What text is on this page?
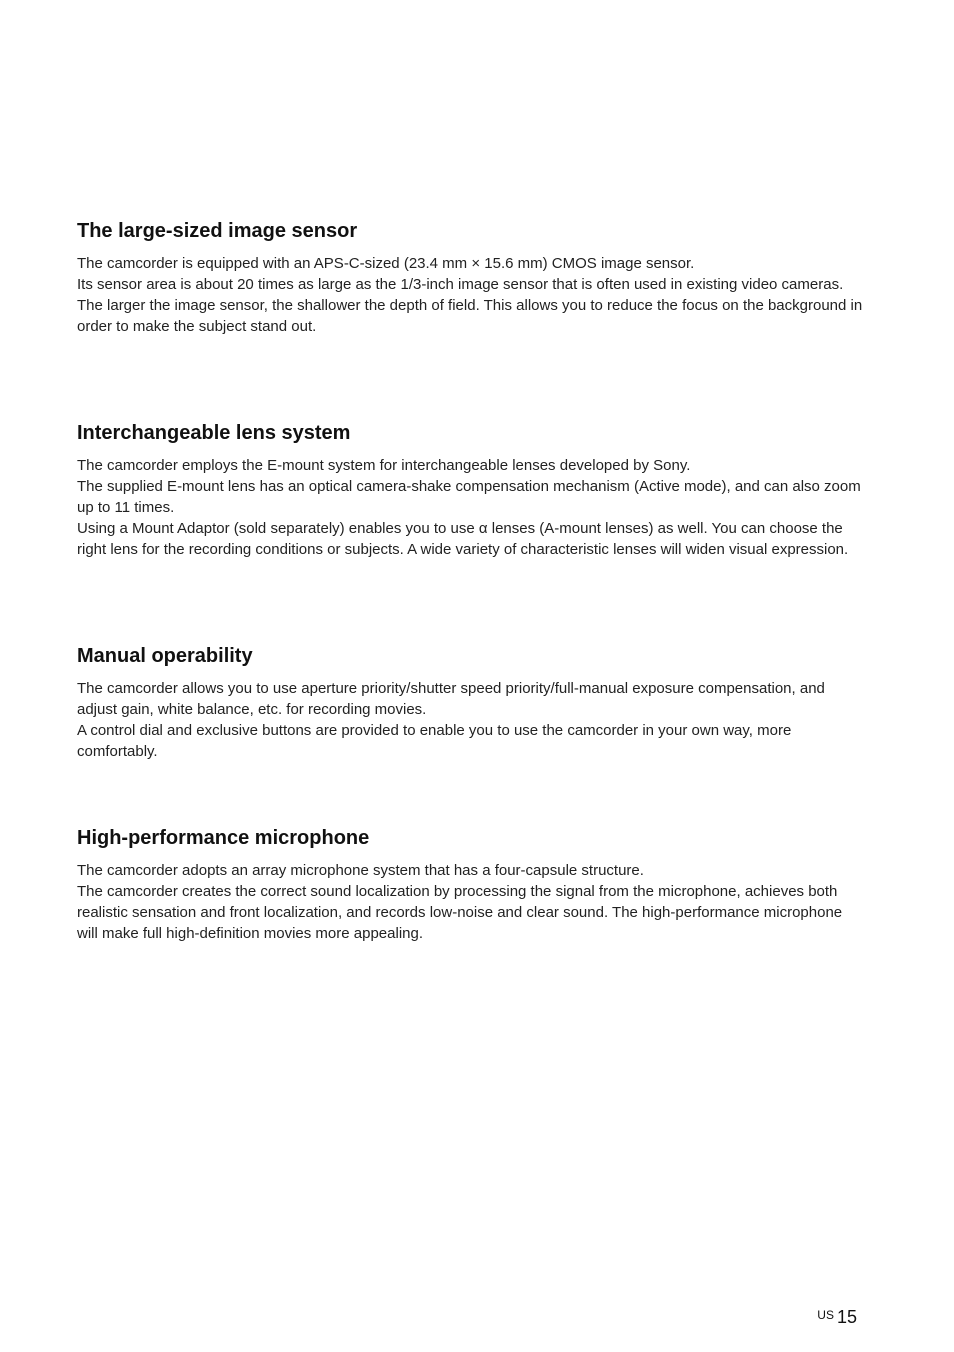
The large-sized image sensor

The camcorder is equipped with an APS-C-sized (23.4 mm × 15.6 mm) CMOS image sensor.

Its sensor area is about 20 times as large as the 1/3-inch image sensor that is often used in existing video cameras.

The larger the image sensor, the shallower the depth of field. This allows you to reduce the focus on the background in order to make the subject stand out.

Interchangeable lens system

The camcorder employs the E-mount system for interchangeable lenses developed by Sony.

The supplied E-mount lens has an optical camera-shake compensation mechanism (Active mode), and can also zoom up to 11 times.

Using a Mount Adaptor (sold separately) enables you to use α lenses (A-mount lenses) as well. You can choose the right lens for the recording conditions or subjects. A wide variety of characteristic lenses will widen visual expression.

Manual operability

The camcorder allows you to use aperture priority/shutter speed priority/full-manual exposure compensation, and adjust gain, white balance, etc. for recording movies.

A control dial and exclusive buttons are provided to enable you to use the camcorder in your own way, more comfortably.

High-performance microphone

The camcorder adopts an array microphone system that has a four-capsule structure.

The camcorder creates the correct sound localization by processing the signal from the microphone, achieves both realistic sensation and front localization, and records low-noise and clear sound. The high-performance microphone will make full high-definition movies more appealing.

$^{US}$ 15
